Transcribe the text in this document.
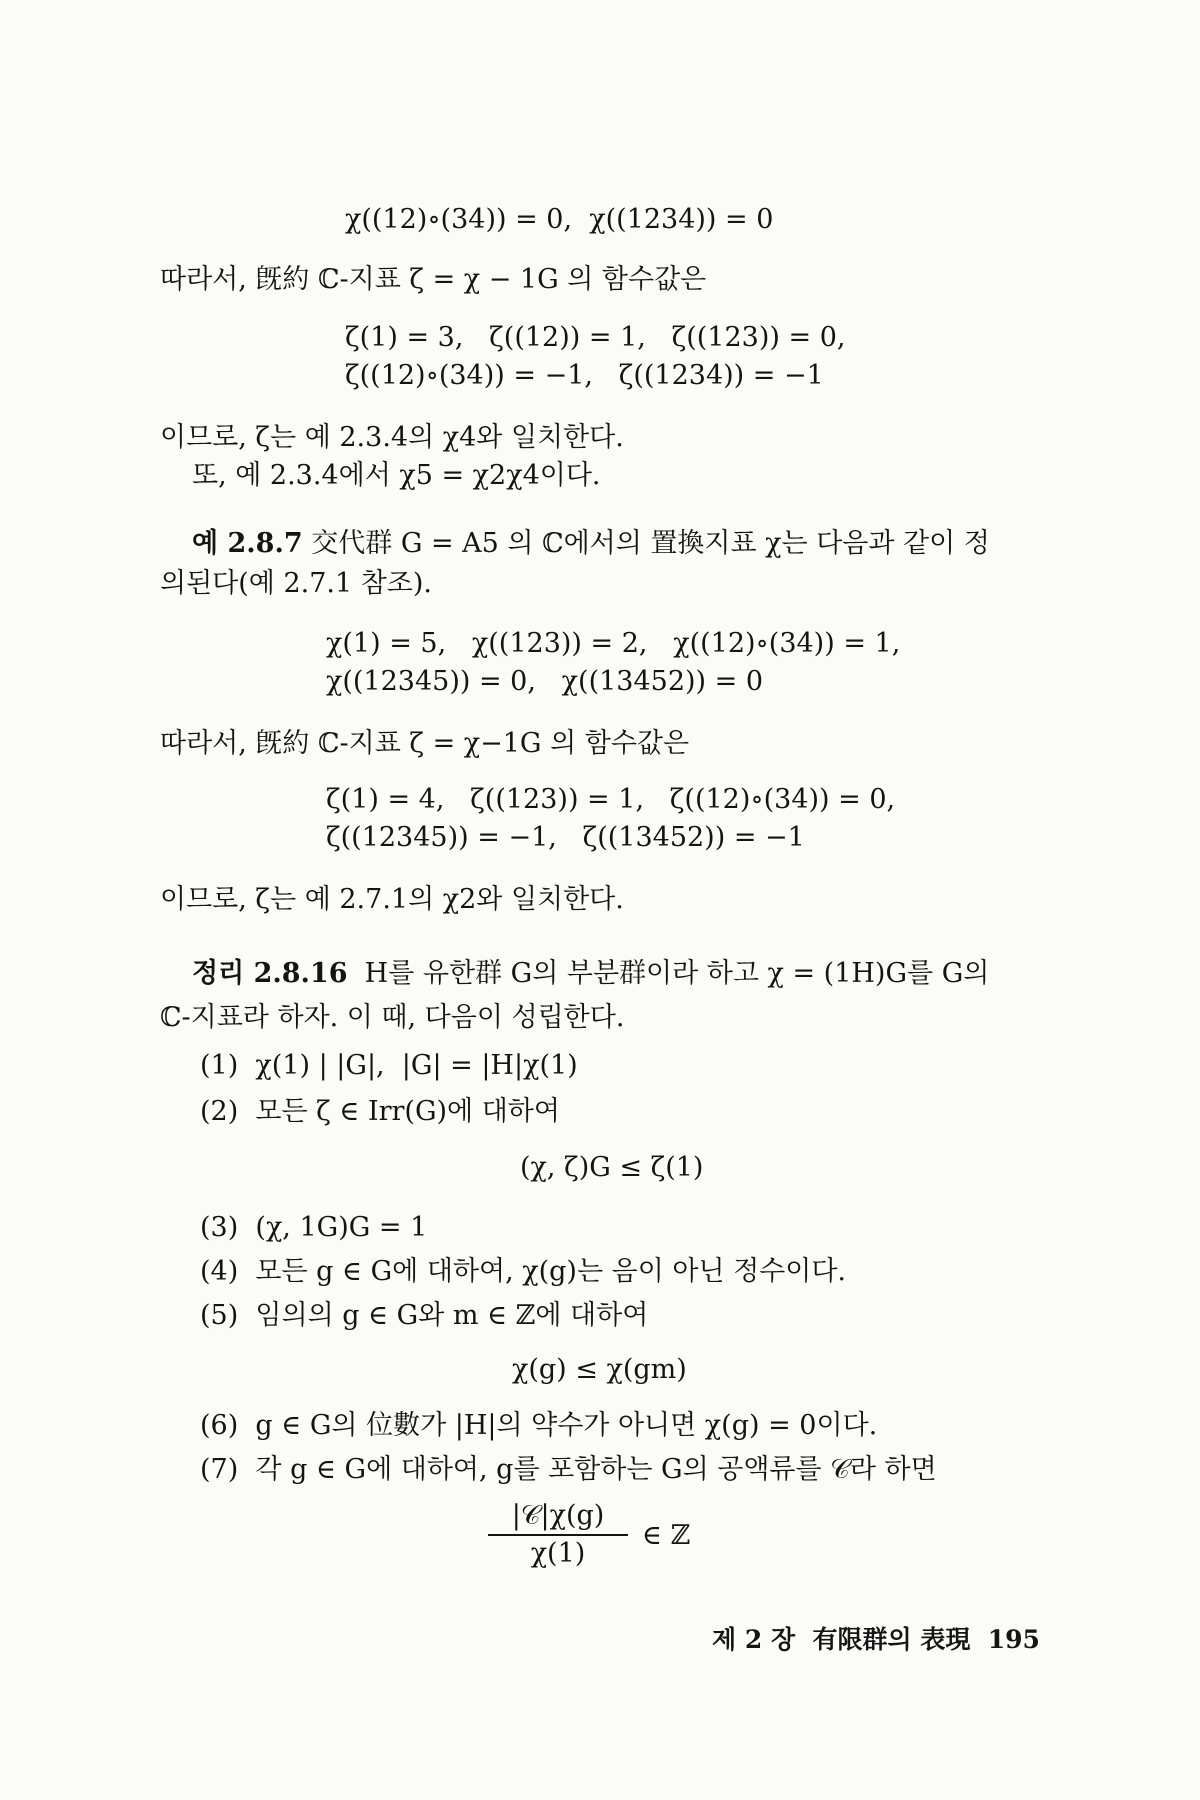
χ((12)∘(34)) = 0,  χ((1234)) = 0
따라서, 旣約 ℂ-지표 ζ = χ − 1G 의 함수값은
ζ(1) = 3,   ζ((12)) = 1,   ζ((123)) = 0,
ζ((12)∘(34)) = −1,   ζ((1234)) = −1
이므로, ζ는 예 2.3.4의 χ4와 일치한다.
또, 예 2.3.4에서 χ5 = χ2χ4이다.
예 2.8.7 交代群 G = A5 의 ℂ에서의 置換지표 χ는 다음과 같이 정
의된다(예 2.7.1 참조).
χ(1) = 5,   χ((123)) = 2,   χ((12)∘(34)) = 1,
χ((12345)) = 0,   χ((13452)) = 0
따라서, 旣約 ℂ-지표 ζ = χ−1G 의 함수값은
ζ(1) = 4,   ζ((123)) = 1,   ζ((12)∘(34)) = 0,
ζ((12345)) = −1,   ζ((13452)) = −1
이므로, ζ는 예 2.7.1의 χ2와 일치한다.
정리 2.8.16  H를 유한群 G의 부분群이라 하고 χ = (1H)G를 G의
ℂ-지표라 하자. 이 때, 다음이 성립한다.
(1)  χ(1) | |G|,  |G| = |H|χ(1)
(2)  모든 ζ ∈ Irr(G)에 대하여
(χ, ζ)G ≤ ζ(1)
(3)  (χ, 1G)G = 1
(4)  모든 g ∈ G에 대하여, χ(g)는 음이 아닌 정수이다.
(5)  임의의 g ∈ G와 m ∈ ℤ에 대하여
χ(g) ≤ χ(gm)
(6)  g ∈ G의 位數가 |H|의 약수가 아니면 χ(g) = 0이다.
(7)  각 g ∈ G에 대하여, g를 포함하는 G의 공액류를 𝒞라 하면
|𝒞|χ(g)
χ(1)
∈ ℤ
제 2 장  有限群의 表現  195
